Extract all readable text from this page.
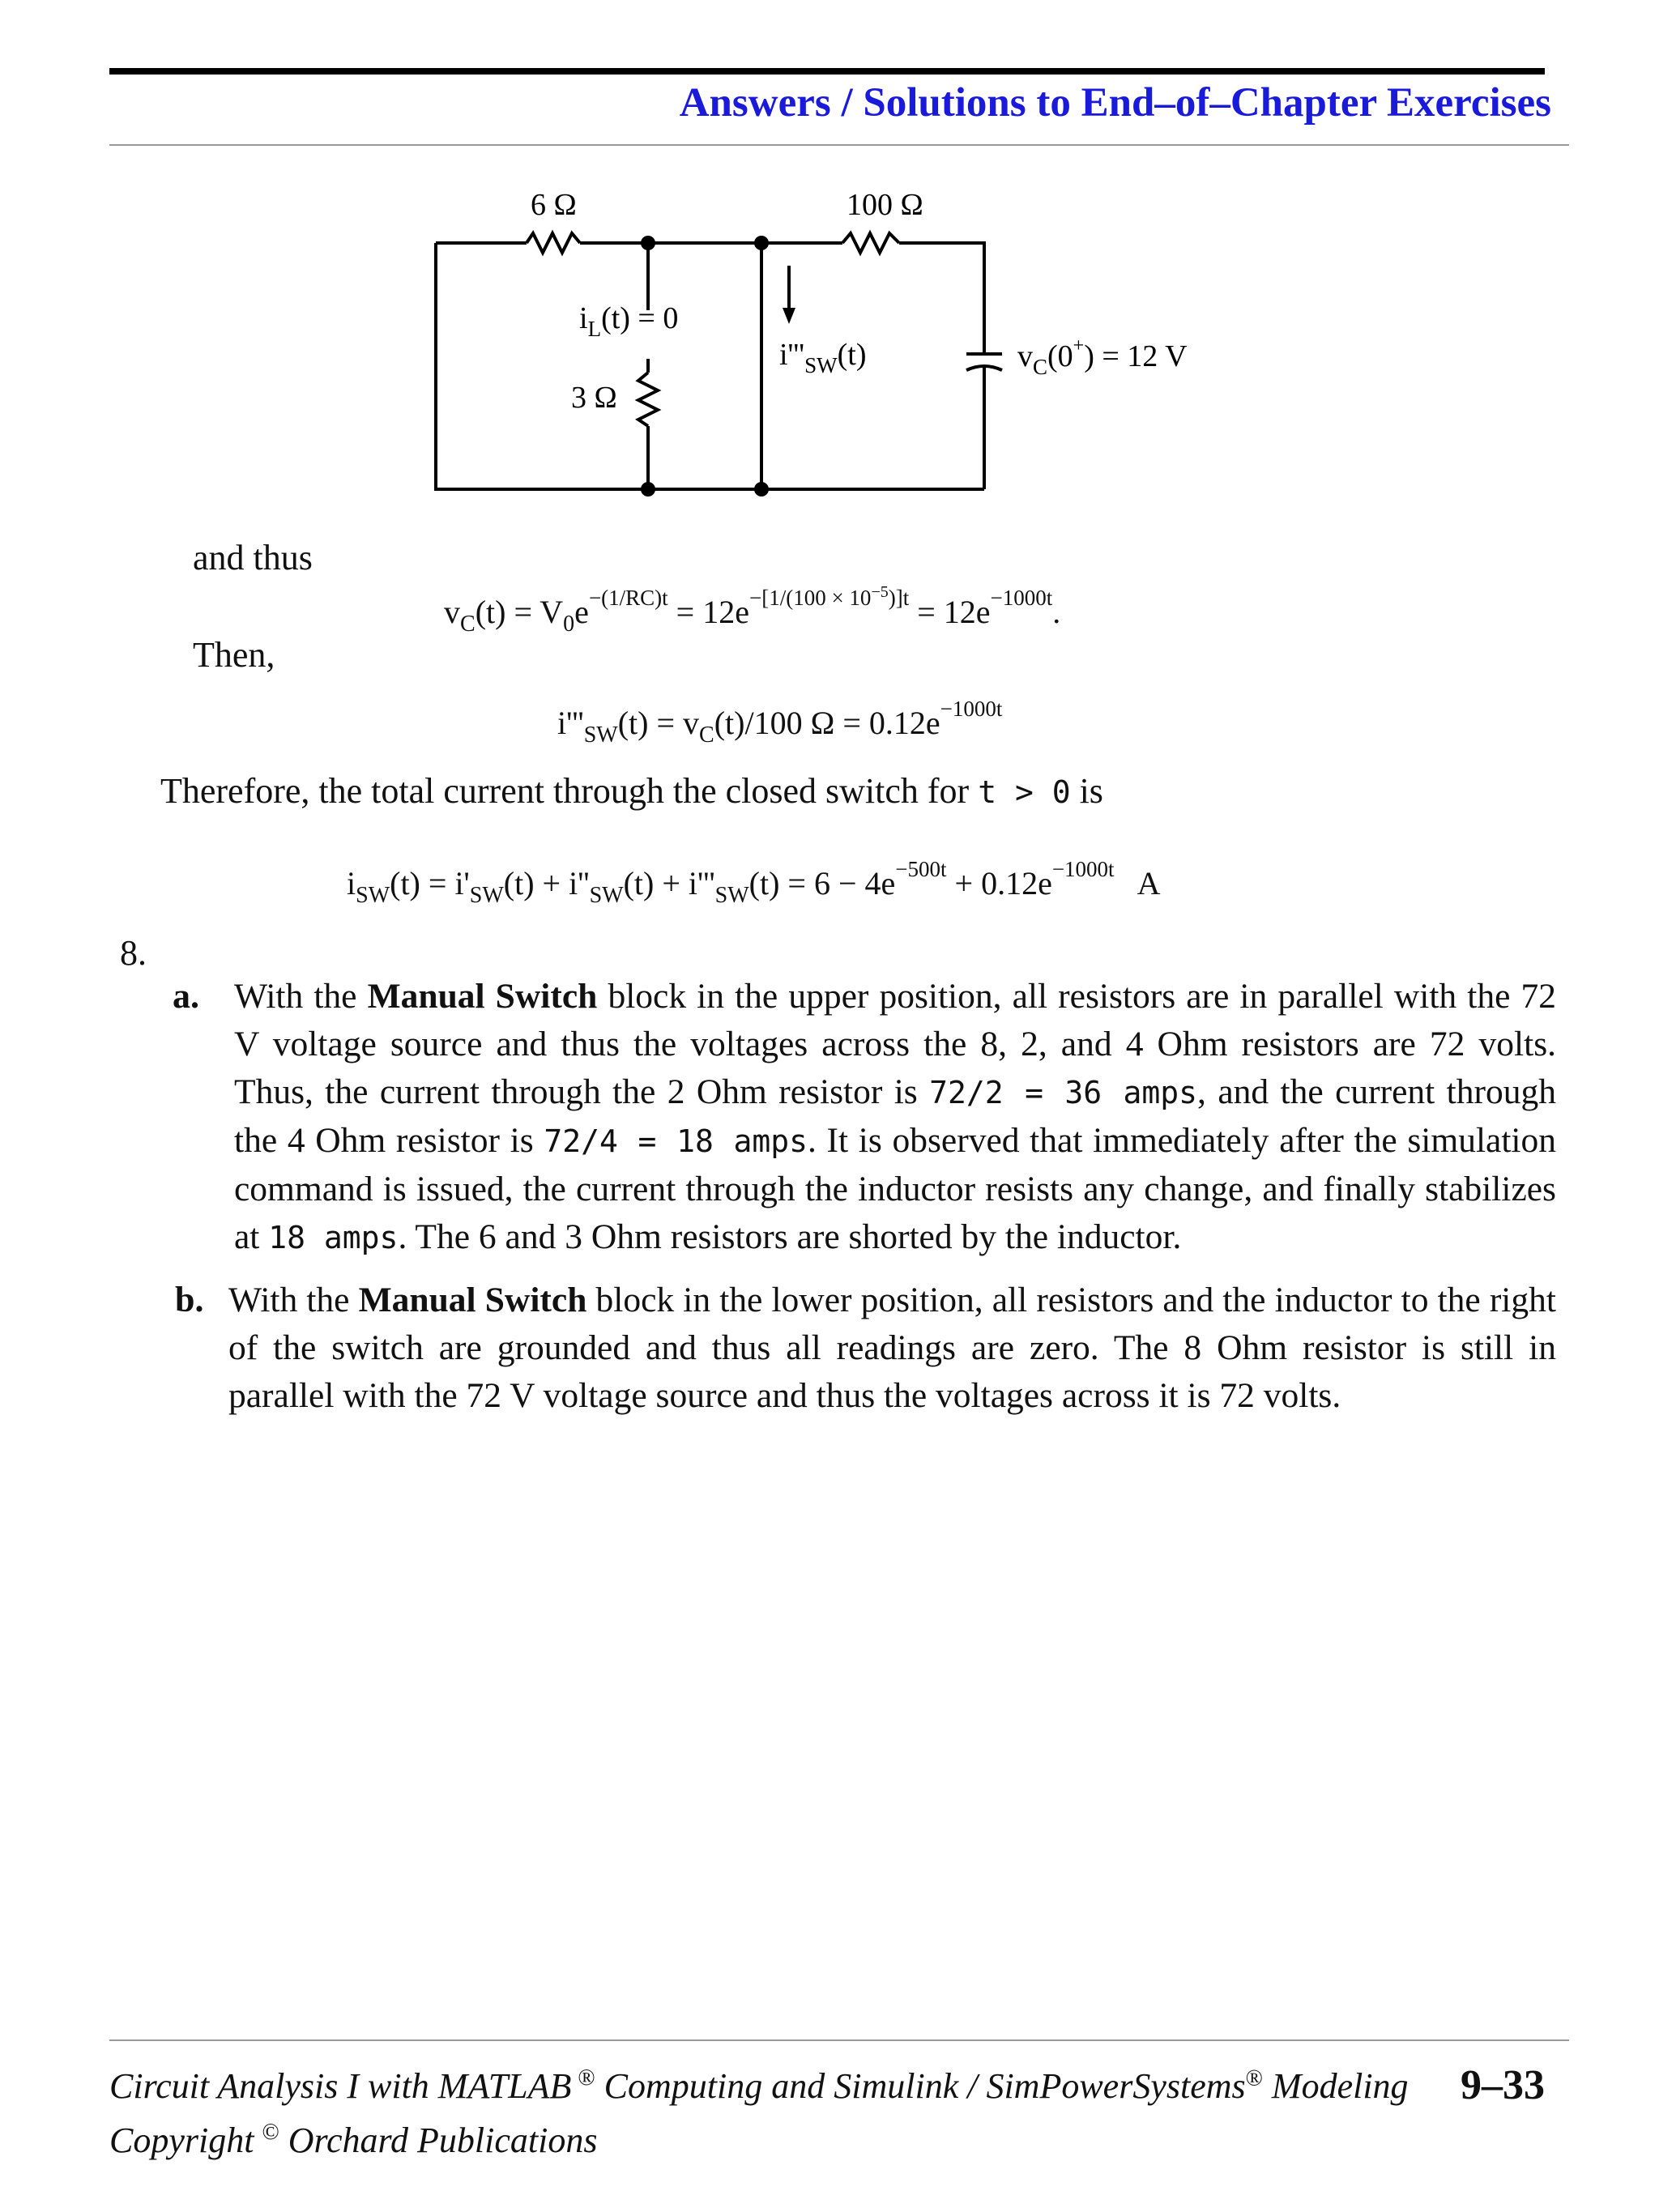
Answers / Solutions to End–of–Chapter Exercises
6 Ω	100 Ω
3 Ω
$i_L(t) = 0$
$i'''_{SW}(t)$	$v_C(0^+) = 12$ V
and thus
$v_C(t) = V_0e^{-(1/RC)t} = 12e^{-[1/(100 \times 10^{-5})]t} = 12e^{-1000t}$.
Then,
$i'''_{SW}(t) = v_C(t)/100$ $\Omega = 0.12e^{-1000t}$
Therefore, the total current through the closed switch for t > 0 is
$i_{SW}(t) = i'_{SW}(t) + i''_{SW}(t) + i'''_{SW}(t) = 6 - 4e^{-500t} + 0.12e^{-1000t}$ A
8.
a. With the Manual Switch block in the upper position, all resistors are in parallel with the 72 V voltage source and thus the voltages across the 8, 2, and 4 Ohm resistors are 72 volts. Thus, the current through the 2 Ohm resistor is 72/2 = 36 amps, and the current through the 4 Ohm resistor is 72/4 = 18 amps. It is observed that immediately after the simulation command is issued, the current through the inductor resists any change, and finally stabilizes at 18 amps. The 6 and 3 Ohm resistors are shorted by the inductor.
b. With the Manual Switch block in the lower position, all resistors and the inductor to the right of the switch are grounded and thus all readings are zero. The 8 Ohm resistor is still in parallel with the 72 V voltage source and thus the voltages across it is 72 volts.
Circuit Analysis I with MATLAB ® Computing and Simulink / SimPowerSystems® Modeling 9–33
Copyright © Orchard Publications
